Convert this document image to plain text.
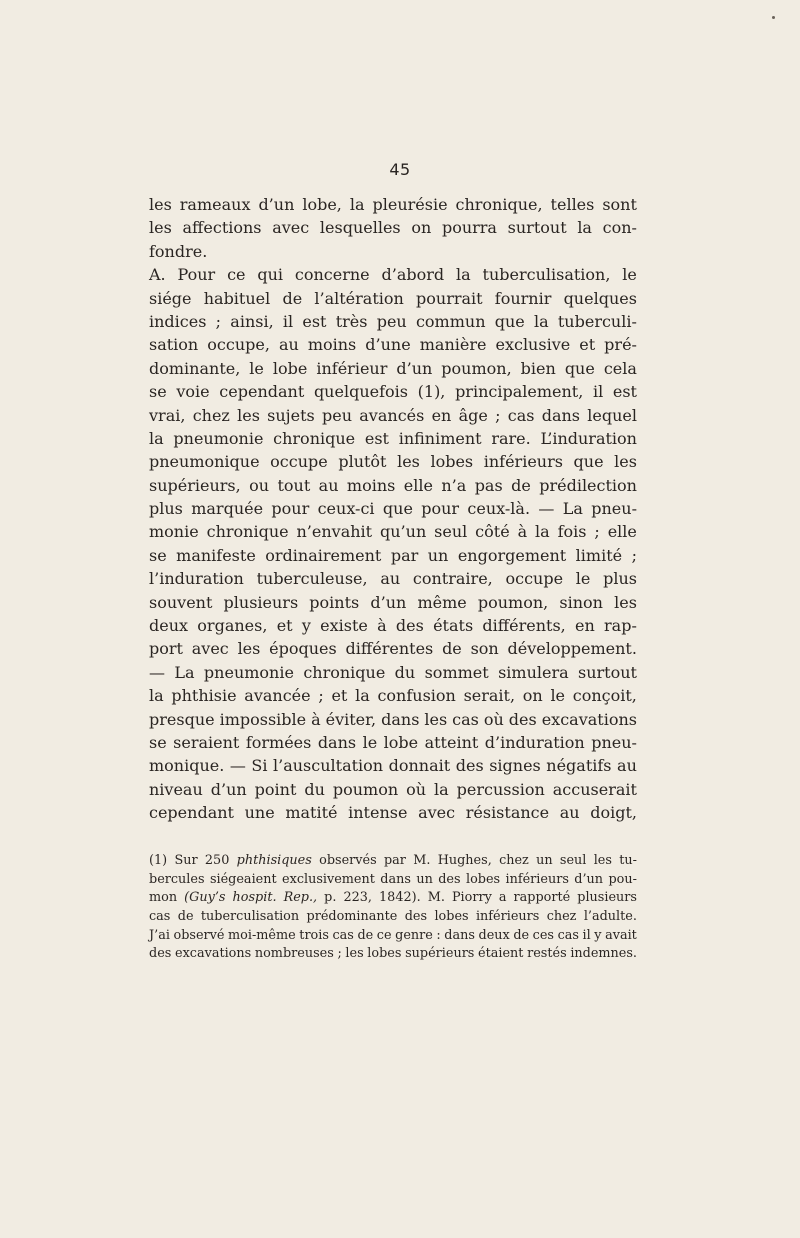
45
les rameaux d’un lobe, la pleurésie chronique, telles sont
les affections avec lesquelles on pourra surtout la con-
fondre.
A. Pour ce qui concerne d’abord la tuberculisation, le
siége habituel de l’altération pourrait fournir quelques
indices ; ainsi, il est très peu commun que la tuberculi-
sation occupe, au moins d’une manière exclusive et pré-
dominante, le lobe inférieur d’un poumon, bien que cela
se voie cependant quelquefois (1), principalement, il est
vrai, chez les sujets peu avancés en âge ; cas dans lequel
la pneumonie chronique est infiniment rare. L’induration
pneumonique occupe plutôt les lobes inférieurs que les
supérieurs, ou tout au moins elle n’a pas de prédilection
plus marquée pour ceux-ci que pour ceux-là. — La pneu-
monie chronique n’envahit qu’un seul côté à la fois ; elle
se manifeste ordinairement par un engorgement limité ;
l’induration tuberculeuse, au contraire, occupe le plus
souvent plusieurs points d’un même poumon, sinon les
deux organes, et y existe à des états différents, en rap-
port avec les époques différentes de son développement.
— La pneumonie chronique du sommet simulera surtout
la phthisie avancée ; et la confusion serait, on le conçoit,
presque impossible à éviter, dans les cas où des excavations
se seraient formées dans le lobe atteint d’induration pneu-
monique. — Si l’auscultation donnait des signes négatifs au
niveau d’un point du poumon où la percussion accuserait
cependant une matité intense avec résistance au doigt,
(1) Sur 250 phthisiques observés par M. Hughes, chez un seul les tu-
bercules siégeaient exclusivement dans un des lobes inférieurs d’un pou-
mon (Guy’s hospit. Rep., p. 223, 1842). M. Piorry a rapporté plusieurs
cas de tuberculisation prédominante des lobes inférieurs chez l’adulte.
J’ai observé moi-même trois cas de ce genre : dans deux de ces cas il y avait
des excavations nombreuses ; les lobes supérieurs étaient restés indemnes.
